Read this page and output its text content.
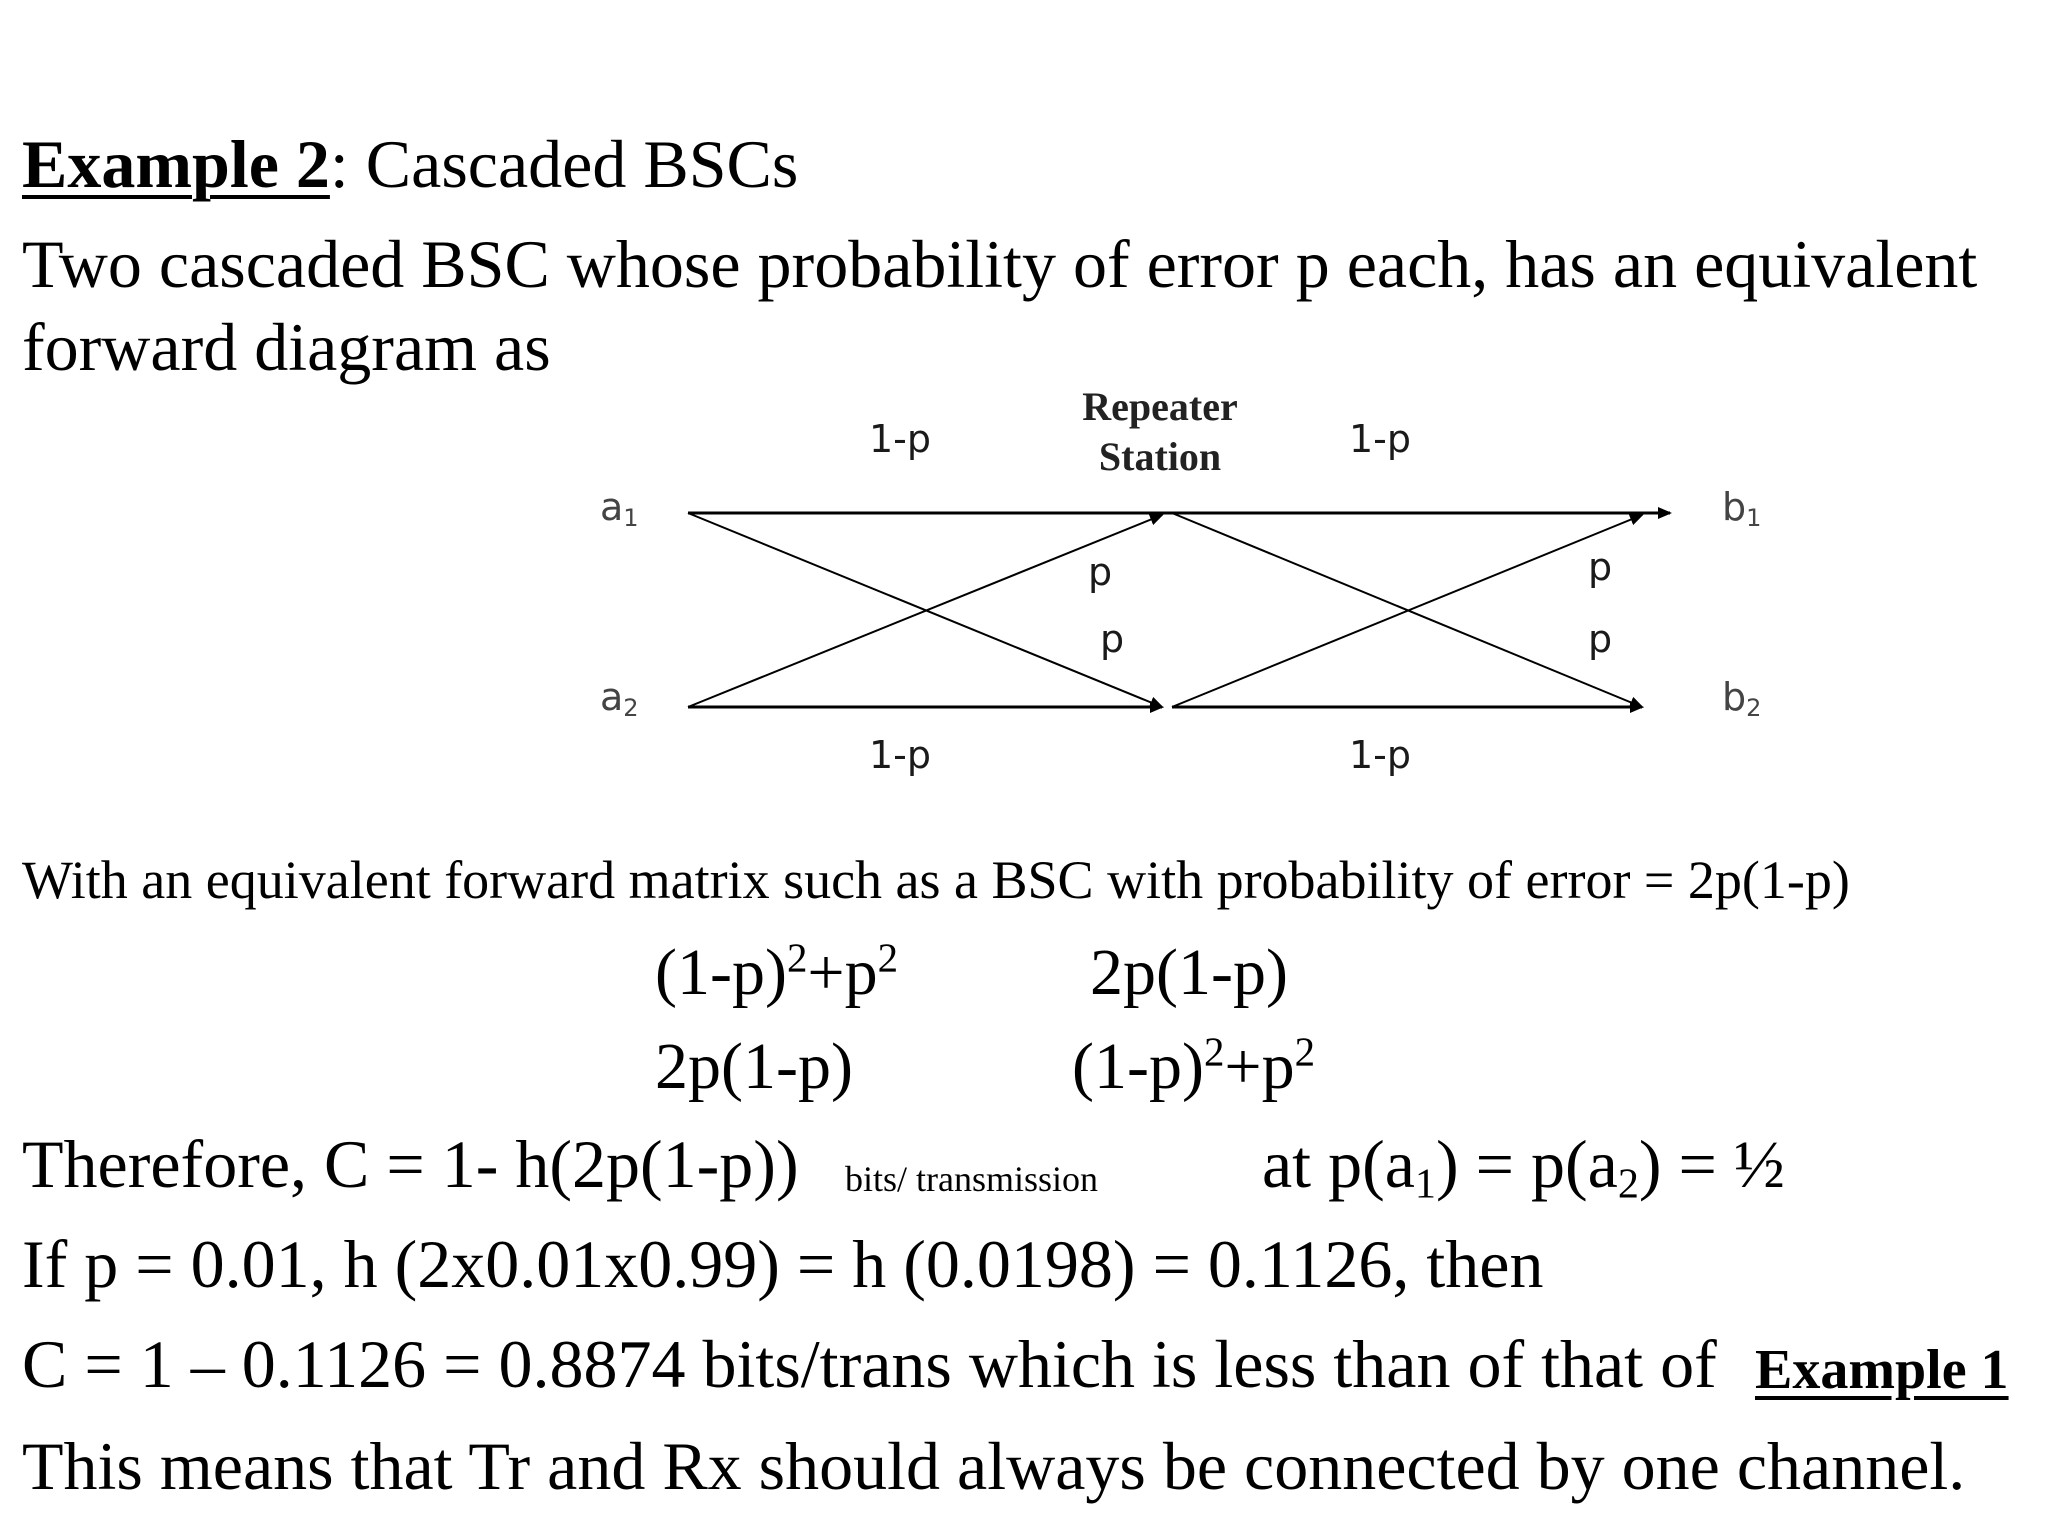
Example 2: Cascaded BSCs
Two cascaded BSC whose probability of error p each, has an equivalent
forward diagram as
a1
a2
b1
b2
Repeater
Station
1-p	1-p
1-p	1-p
p
p
p
p
With an equivalent forward matrix such as a BSC with probability of error = 2p(1-p)
$(1-p)^2+p^2$	2p(1-p)
2p(1-p)	$(1-p)^2+p^2$
Therefore, C = 1- h(2p(1-p)) bits/ transmission at $p(a_1) = p(a_2)$ = ½
If p = 0.01, h (2x0.01x0.99) = h (0.0198) = 0.1126, then
C = 1 – 0.1126 = 0.8874 bits/trans which is less than of that of Example 1
This means that Tr and Rx should always be connected by one channel.
